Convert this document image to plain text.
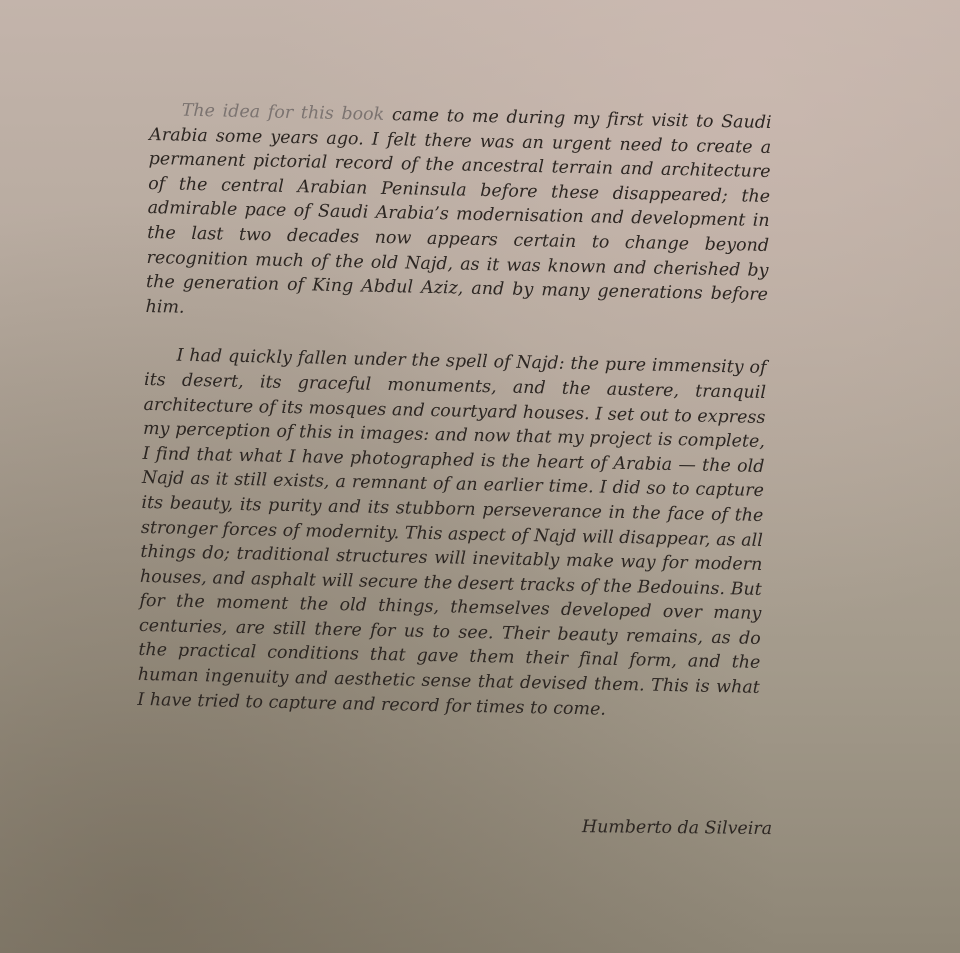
The idea for this book came to me during my first visit to Saudi Arabia some years ago. I felt there was an urgent need to create a permanent pictorial record of the ancestral terrain and architecture of the central Arabian Peninsula before these disappeared; the admirable pace of Saudi Arabia’s modernisation and development in the last two decades now appears certain to change beyond recognition much of the old Najd, as it was known and cherished by the generation of King Abdul Aziz, and by many generations before him.

I had quickly fallen under the spell of Najd: the pure immensity of its desert, its graceful monuments, and the austere, tranquil architecture of its mosques and courtyard houses. I set out to express my perception of this in images: and now that my project is complete, I find that what I have photographed is the heart of Arabia — the old Najd as it still exists, a remnant of an earlier time. I did so to capture its beauty, its purity and its stubborn perseverance in the face of the stronger forces of modernity. This aspect of Najd will disappear, as all things do; traditional structures will inevitably make way for modern houses, and asphalt will secure the desert tracks of the Bedouins. But for the moment the old things, themselves developed over many centuries, are still there for us to see. Their beauty remains, as do the practical conditions that gave them their final form, and the human ingenuity and aesthetic sense that devised them. This is what I have tried to capture and record for times to come.

Humberto da Silveira
